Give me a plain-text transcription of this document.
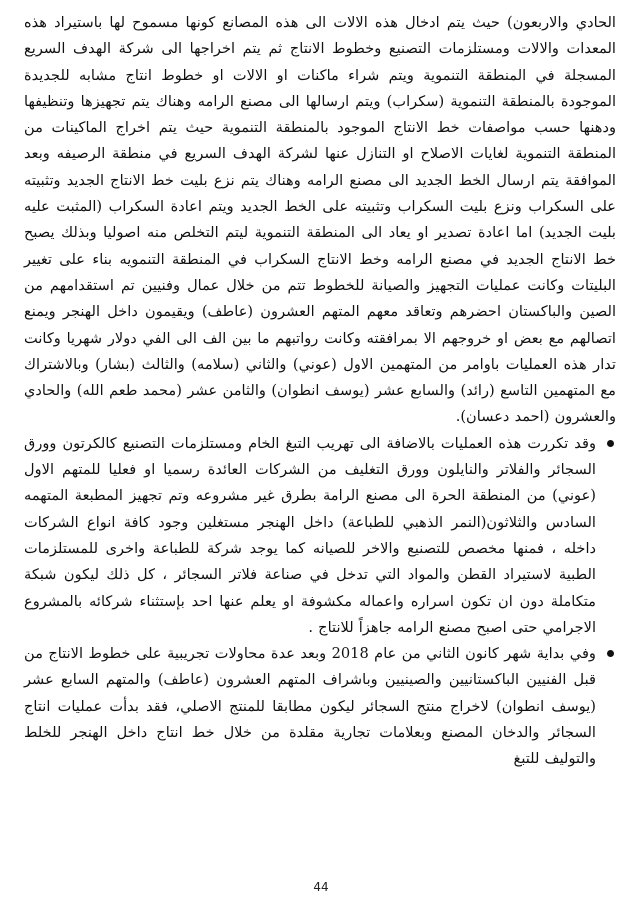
الحادي والاربعون) حيث يتم ادخال هذه الالات الى هذه المصانع كونها مسموح لها باستيراد هذه المعدات والالات ومستلزمات التصنيع وخطوط الانتاج ثم يتم اخراجها الى شركة الهدف السريع المسجلة في المنطقة التنموية ويتم شراء ماكنات او الالات او خطوط انتاج مشابه للجديدة الموجودة بالمنطقة التنموية (سكراب) ويتم ارسالها الى مصنع الرامه وهناك يتم تجهيزها وتنظيفها ودهنها حسب مواصفات خط الانتاج الموجود بالمنطقة التنموية حيث يتم اخراج الماكينات من المنطقة التنموية لغايات الاصلاح او التنازل عنها لشركة الهدف السريع في منطقة الرصيفه وبعد الموافقة يتم ارسال الخط الجديد الى مصنع الرامه وهناك يتم نزع بليت خط الانتاج الجديد وتثبيته على السكراب ونزع بليت السكراب وتثبيته على الخط الجديد ويتم اعادة السكراب (المثبت عليه بليت الجديد) اما اعادة تصدير او يعاد الى المنطقة التنموية ليتم التخلص منه اصوليا وبذلك يصبح خط الانتاج الجديد في مصنع الرامه وخط الانتاج السكراب في المنطقة التنمويه بناء على تغيير البليتات وكانت عمليات التجهيز والصيانة للخطوط تتم من خلال عمال وفنيين تم استقدامهم من الصين والباكستان احضرهم وتعاقد معهم المتهم العشرون (عاطف) ويقيمون داخل الهنجر ويمنع اتصالهم مع بعض او خروجهم الا بمرافقته وكانت رواتبهم ما بين الف الى الفي دولار شهريا وكانت تدار هذه العمليات باوامر من المتهمين الاول (عوني) والثاني (سلامه) والثالث (بشار) وبالاشتراك مع المتهمين التاسع (رائد) والسابع عشر (يوسف انطوان) والثامن عشر (محمد طعم الله) والحادي والعشرون (احمد دعسان).

وقد تكررت هذه العمليات بالاضافة الى تهريب التبغ الخام ومستلزمات التصنيع كالكرتون وورق السجائر والفلاتر والنايلون وورق التغليف من الشركات العائدة رسميا او فعليا للمتهم الاول (عوني) من المنطقة الحرة الى مصنع الرامة بطرق غير مشروعه وتم تجهيز المطبعة المتهمه السادس والثلاثون(النمر الذهبي للطباعة) داخل الهنجر مستغلين وجود كافة انواع الشركات داخله ، فمنها مخصص للتصنيع والاخر للصيانه كما يوجد شركة للطباعة واخرى للمستلزمات الطبية لاستيراد القطن والمواد التي تدخل في صناعة فلاتر السجائر ، كل ذلك ليكون شبكة متكاملة دون ان تكون اسراره واعماله مكشوفة او يعلم عنها احد بإستثناء شركائه بالمشروع الاجرامي حتى اصبح مصنع الرامه جاهزاً للانتاج .

وفي بداية شهر كانون الثاني من عام 2018 وبعد عدة محاولات تجريبية على خطوط الانتاج من قبل الفنيين الباكستانيين والصينيين وباشراف المتهم العشرون (عاطف) والمتهم السابع عشر (يوسف انطوان) لاخراج منتج السجائر ليكون مطابقا للمنتج الاصلي، فقد بدأت عمليات انتاج السجائر والدخان المصنع وبعلامات تجارية مقلدة من خلال خط انتاج داخل الهنجر للخلط والتوليف للتبغ

44
